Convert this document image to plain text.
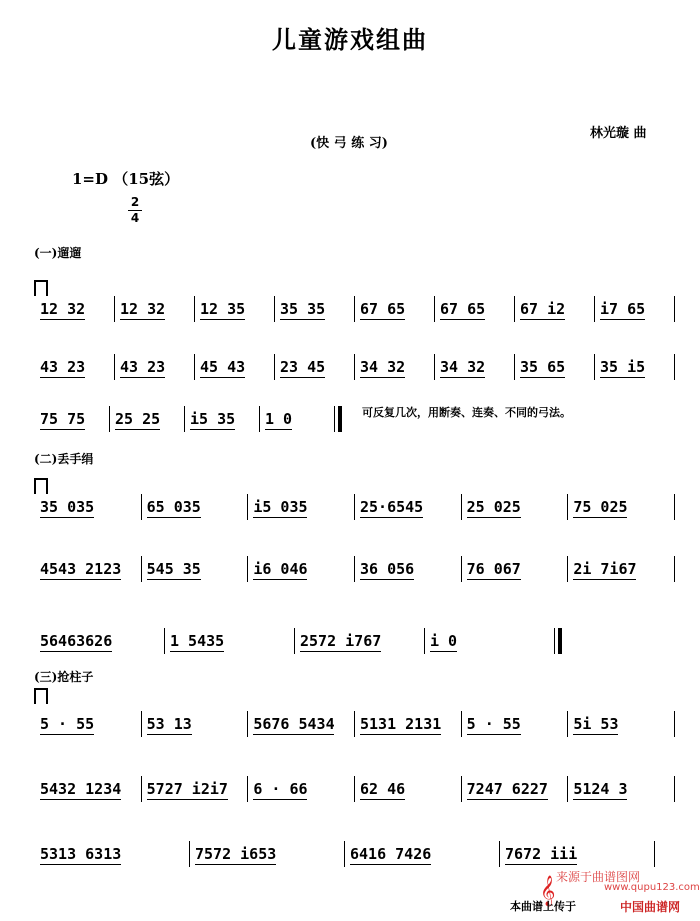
儿童游戏组曲
(快 弓 练 习)
林光璇 曲
1=D （15弦）
2
4
(一)遛遛
(二)丢手绢
(三)抢柱子
12 32	12 32	12 35	35 35	67 65	67 65	67 i2	i7 65
43 23	43 23	45 43	23 45	34 32	34 32	35 65	35 i5
75 75	25 25	i5 35	1 0
35 035	65 035	i5 035	25·6545	25 025	75 025
4543 2123	545 35	i6 046	36 056	76 067	2i 7i67
56463626	1 5435	2572 i767	i 0
5 · 55	53 13	5676 5434	5131 2131	5 · 55	5i 53
5432 1234	5727 i2i7	6 · 66	62 46	7247 6227	5124 3
5313 6313	7572 i653	6416 7426	7672 iii
可反复几次，用断奏、连奏、不同的弓法。
𝄞 来源于曲谱图网
www.qupu123.com
本曲谱上传于	中国曲谱网
